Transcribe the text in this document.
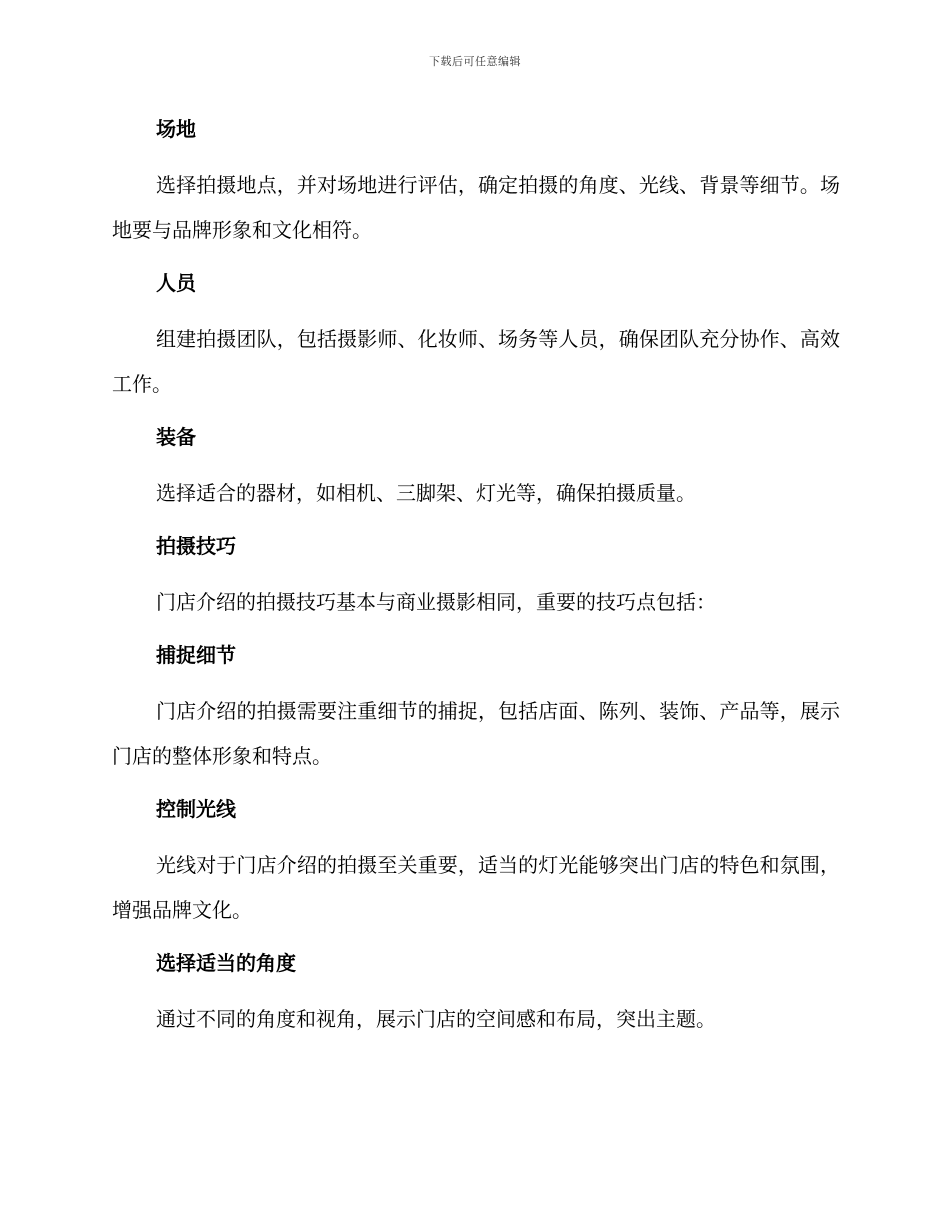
下载后可任意编辑

场地

选择拍摄地点，并对场地进行评估，确定拍摄的角度、光线、背景等细节。场地要与品牌形象和文化相符。

人员

组建拍摄团队，包括摄影师、化妆师、场务等人员，确保团队充分协作、高效工作。

装备

选择适合的器材，如相机、三脚架、灯光等，确保拍摄质量。

拍摄技巧

门店介绍的拍摄技巧基本与商业摄影相同，重要的技巧点包括：

捕捉细节

门店介绍的拍摄需要注重细节的捕捉，包括店面、陈列、装饰、产品等，展示门店的整体形象和特点。

控制光线

光线对于门店介绍的拍摄至关重要，适当的灯光能够突出门店的特色和氛围，增强品牌文化。

选择适当的角度

通过不同的角度和视角，展示门店的空间感和布局，突出主题。
